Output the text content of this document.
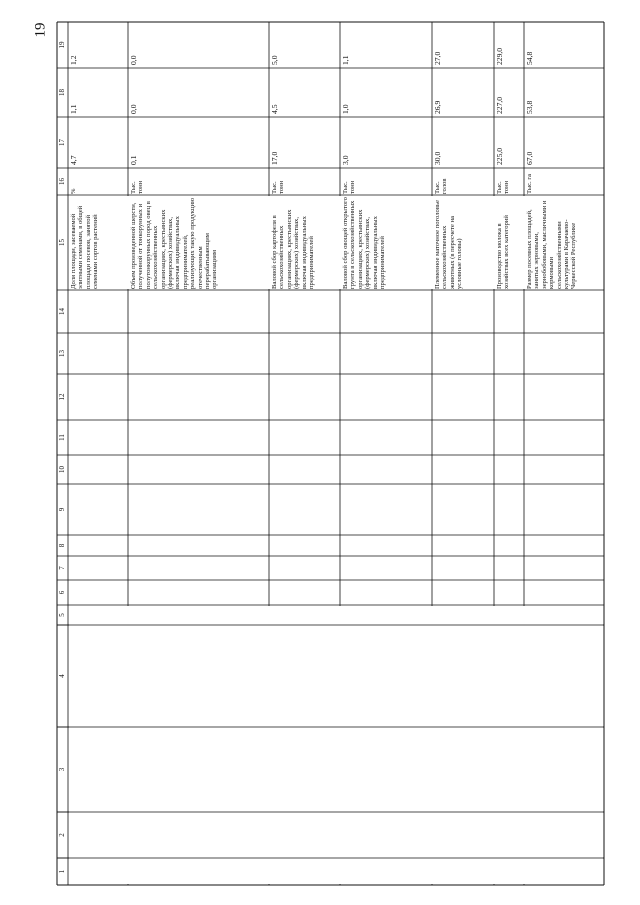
19
19
18
17
16
15
14
13
12
11
10
9
8
7
6
5
4
3
2
1
1,2
1,1
4,7
%
Доля площади, засеваемой элитными семенами, в общей площади посевов, занятой семенами сортов растений
0,0
0,0
0,1
Тыс. тонн
Объем произведенной шерсти, полученной от тонкорунных и полутонкорунных пород овец в сельскохозяйственных организациях, крестьянских (фермерских) хозяйствах, включая индивидуальных предпринимателей, реализующих такую продукцию отечественным перерабатывающим организациям
5,0
4,5
17,0
Тыс. тонн
Валовой сбор картофеля в сельскохозяйственных организациях, крестьянских (фермерских) хозяйствах, включая индивидуальных предпринимателей
1,1
1,0
3,0
Тыс. тонн
Валовой сбор овощей открытого грунта в сельскохозяйственных организациях, крестьянских (фермерских) хозяйствах, включая индивидуальных предпринимателей
27,0
26,9
30,0
Тыс. голов
Племенное маточное поголовье сельскохозяйственных животных (в пересчете на условные головы)
229,0
227,0
225,0
Тыс. тонн
Производство молока в хозяйствах всех категорий
54,8
53,8
67,0
Тыс. га
Размер посевных площадей, занятых зерновыми, зернобобовыми, масличными и кормовыми сельскохозяйственными культурами в Карачаево-Черкесской Республике
